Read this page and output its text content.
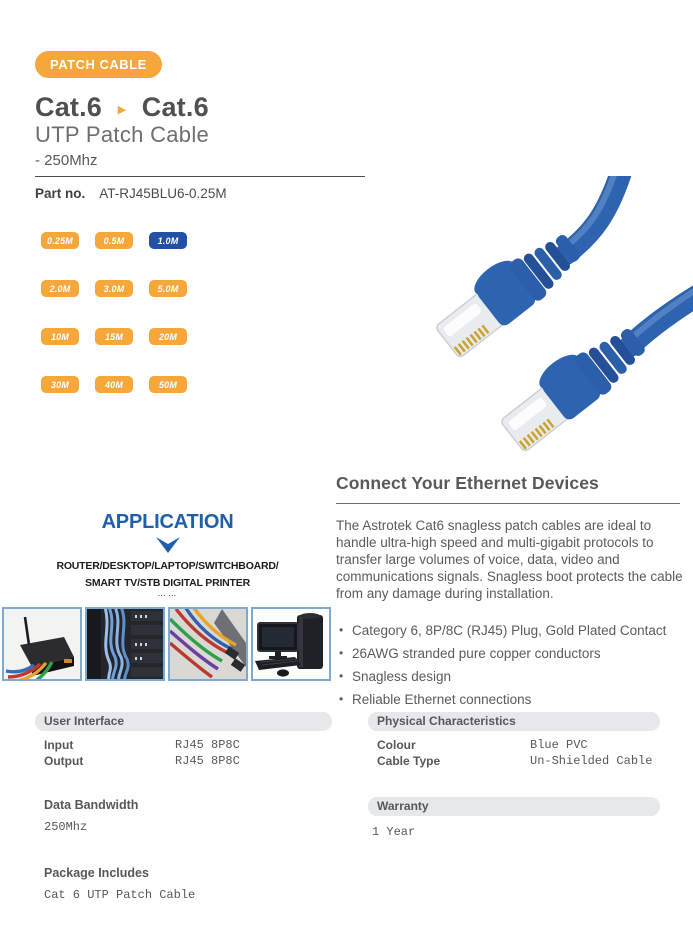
PATCH CABLE
Cat.6 ▸ Cat.6
UTP Patch Cable
- 250Mhz
Part no. AT-RJ45BLU6-0.25M
0.25M	0.5M	1.0M
2.0M	3.0M	5.0M
10M	15M	20M
30M	40M	50M
APPLICATION
ROUTER/DESKTOP/LAPTOP/SWITCHBOARD/
SMART TV/STB DIGITAL PRINTER
... ...
Connect Your Ethernet Devices

The Astrotek Cat6 snagless patch cables are ideal to handle ultra-high speed and multi-gigabit protocols to transfer large volumes of voice, data, video and communications signals. Snagless boot protects the cable from any damage during installation.

• Category 6, 8P/8C (RJ45) Plug, Gold Plated Contact
• 26AWG stranded pure copper conductors
• Snagless design
• Reliable Ethernet connections
User Interface
Input	RJ45 8P8C
Output	RJ45 8P8C
Physical Characteristics
Colour	Blue PVC
Cable Type	Un-Shielded Cable
Data Bandwidth
250Mhz
Warranty
1 Year
Package Includes
Cat 6 UTP Patch Cable
